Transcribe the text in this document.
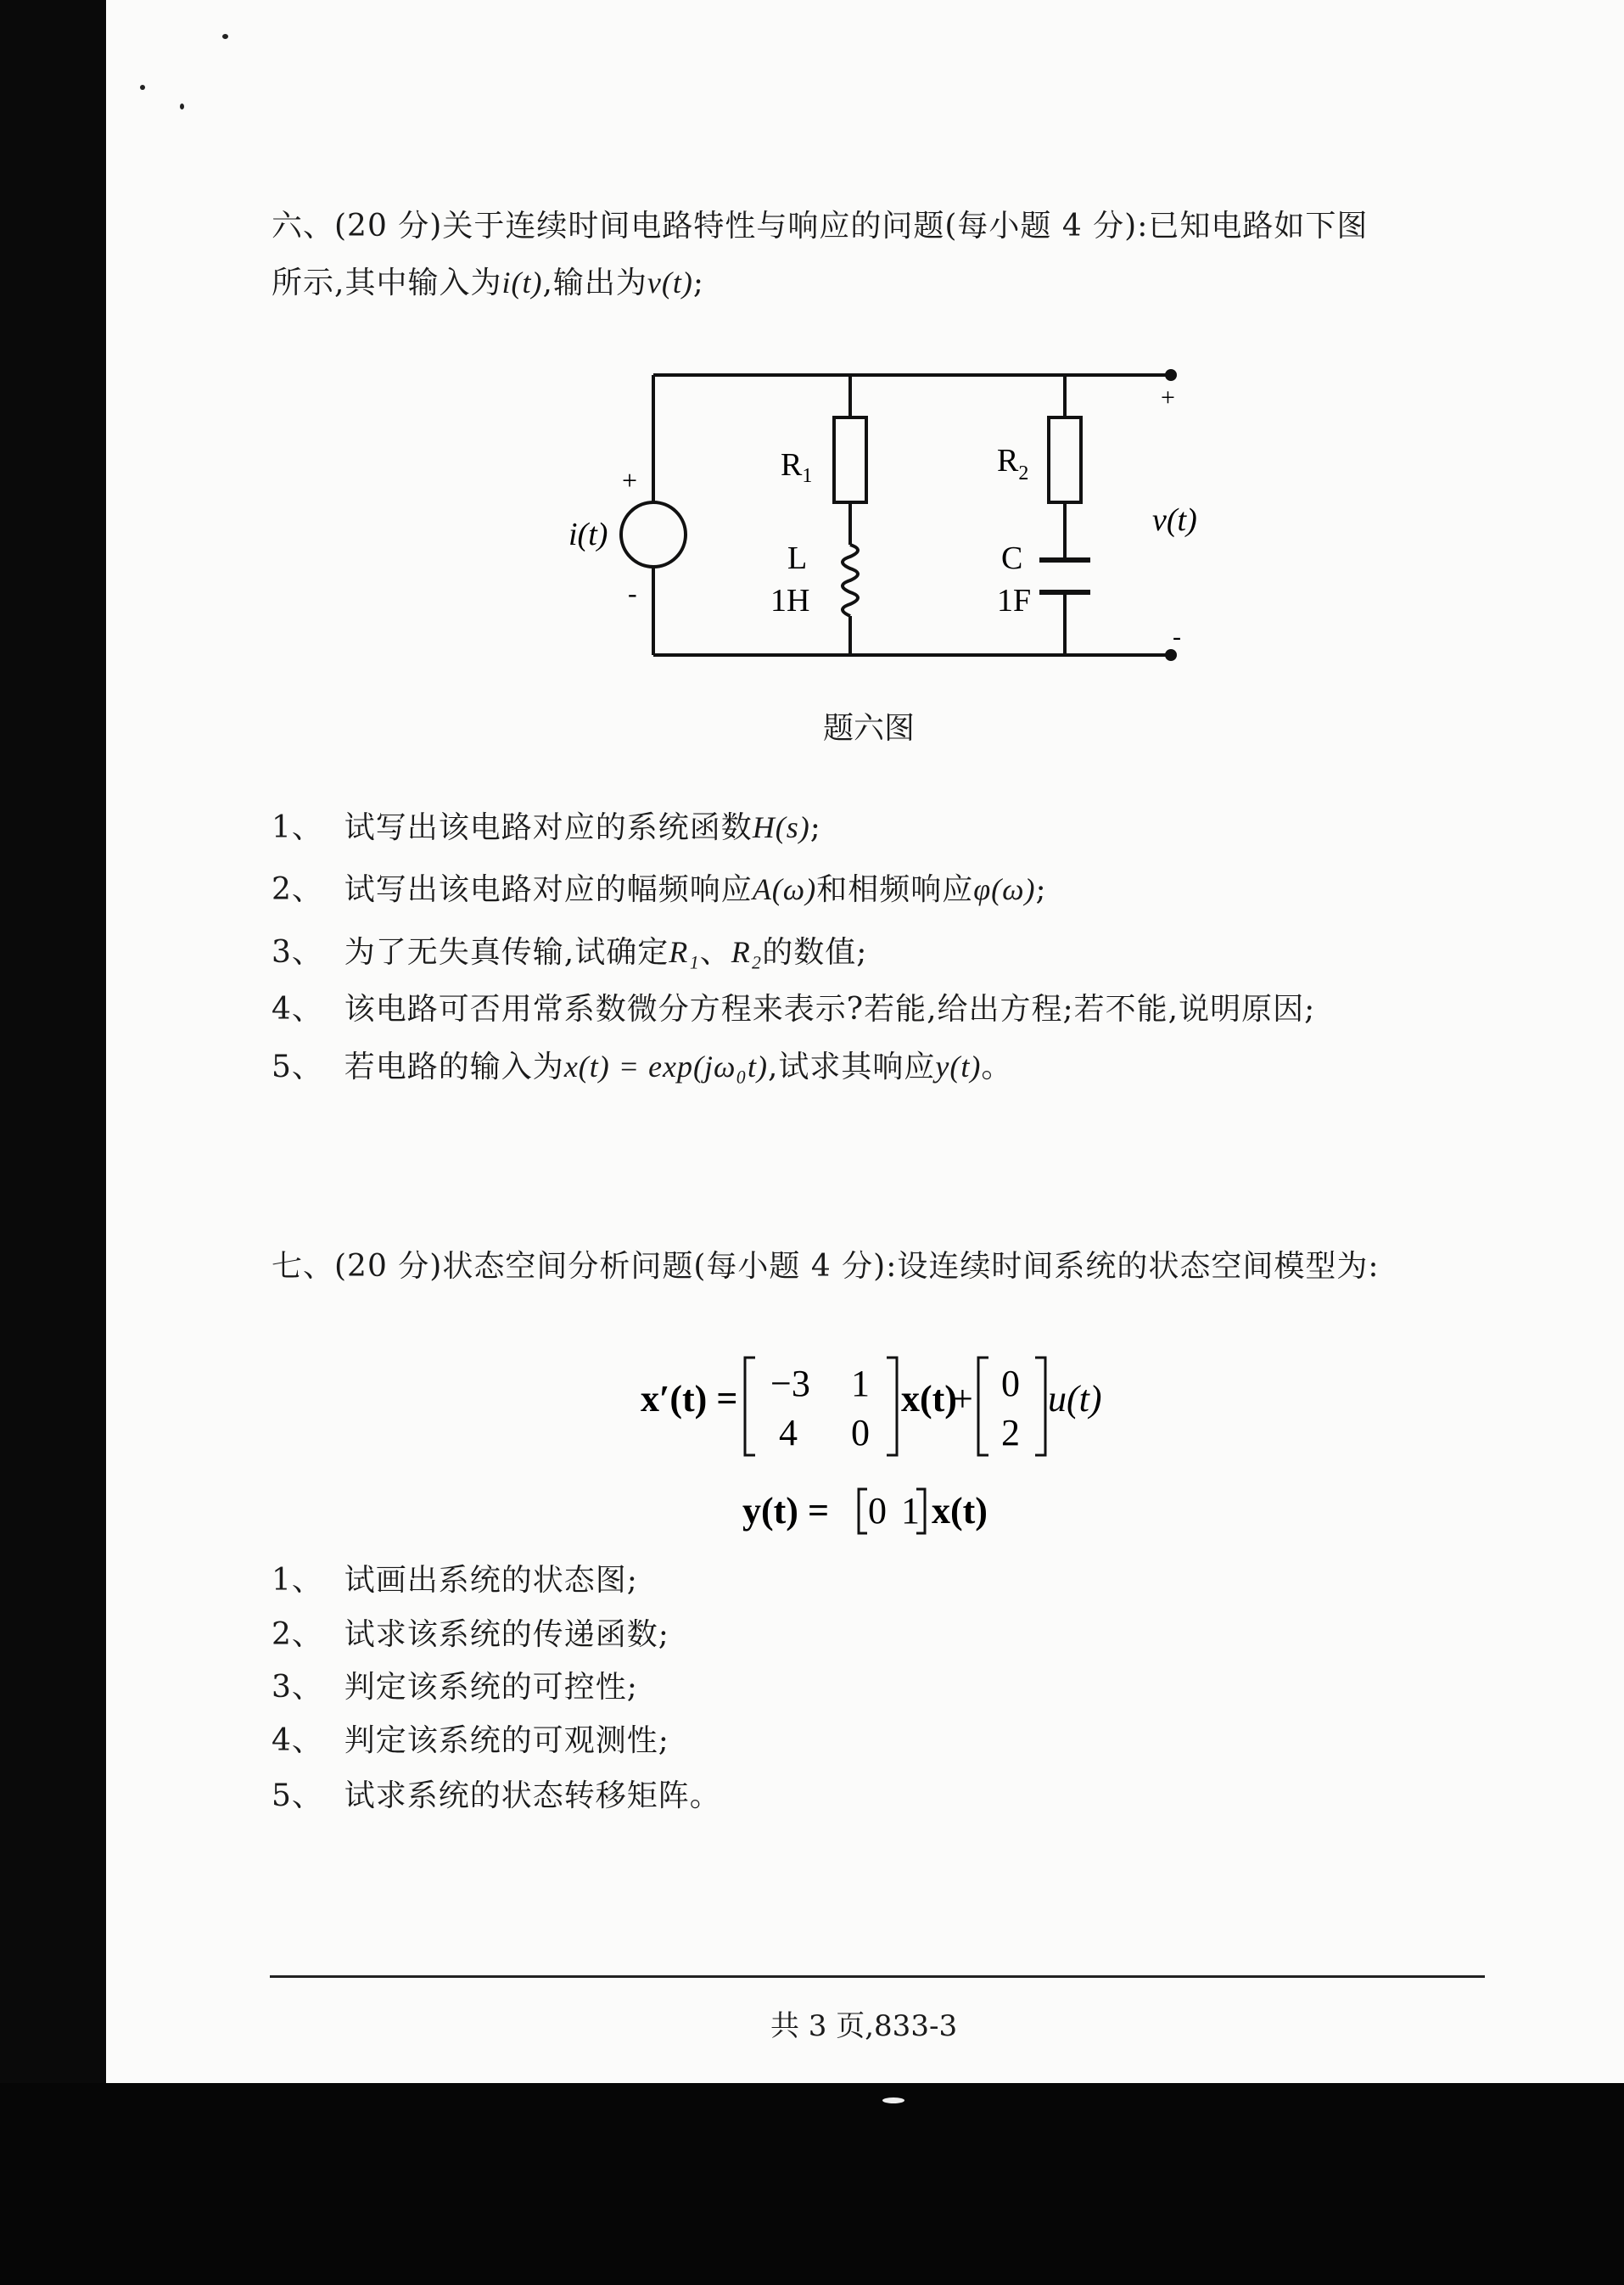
六、(20 分)关于连续时间电路特性与响应的问题(每小题 4 分):已知电路如下图
所示,其中输入为i(t),输出为v(t);
+
-
i(t)
$R_1$
L
1H
$R_2$
C
1F
+
-
v(t)
题六图
1、 试写出该电路对应的系统函数H(s);
2、 试写出该电路对应的幅频响应A(ω)和相频响应φ(ω);
3、 为了无失真传输,试确定R₁、R₂的数值;
4、 该电路可否用常系数微分方程来表示?若能,给出方程;若不能,说明原因;
5、 若电路的输入为x(t) = exp(jω₀t),试求其响应y(t)。
七、(20 分)状态空间分析问题(每小题 4 分):设连续时间系统的状态空间模型为:
x′(t) = −3 1
4 0
x(t)
+ 0
2
u(t)
y(t) = 0 1 x(t)
1、 试画出系统的状态图;
2、 试求该系统的传递函数;
3、 判定该系统的可控性;
4、 判定该系统的可观测性;
5、 试求系统的状态转移矩阵。
共 3 页,833-3
